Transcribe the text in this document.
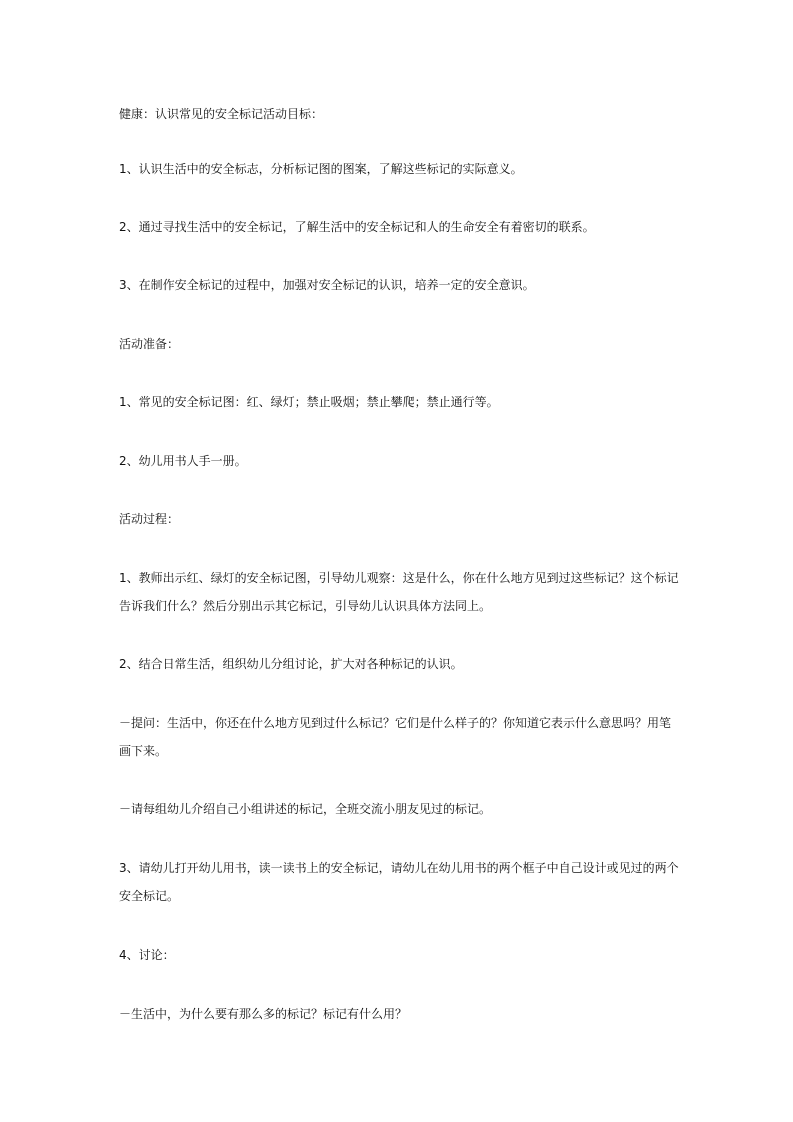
健康：认识常见的安全标记活动目标：

1、认识生活中的安全标志，分析标记图的图案，了解这些标记的实际意义。

2、通过寻找生活中的安全标记，了解生活中的安全标记和人的生命安全有着密切的联系。

3、在制作安全标记的过程中，加强对安全标记的认识，培养一定的安全意识。

活动准备：

1、常见的安全标记图：红、绿灯；禁止吸烟；禁止攀爬；禁止通行等。

2、幼儿用书人手一册。

活动过程：

1、教师出示红、绿灯的安全标记图，引导幼儿观察：这是什么，你在什么地方见到过这些标记？这个标记

告诉我们什么？然后分别出示其它标记，引导幼儿认识具体方法同上。

2、结合日常生活，组织幼儿分组讨论，扩大对各种标记的认识。

－提问：生活中，你还在什么地方见到过什么标记？它们是什么样子的？你知道它表示什么意思吗？用笔

画下来。

－请每组幼儿介绍自己小组讲述的标记，全班交流小朋友见过的标记。

3、请幼儿打开幼儿用书，读一读书上的安全标记，请幼儿在幼儿用书的两个框子中自己设计或见过的两个

安全标记。

4、讨论：

－生活中，为什么要有那么多的标记？标记有什么用？
